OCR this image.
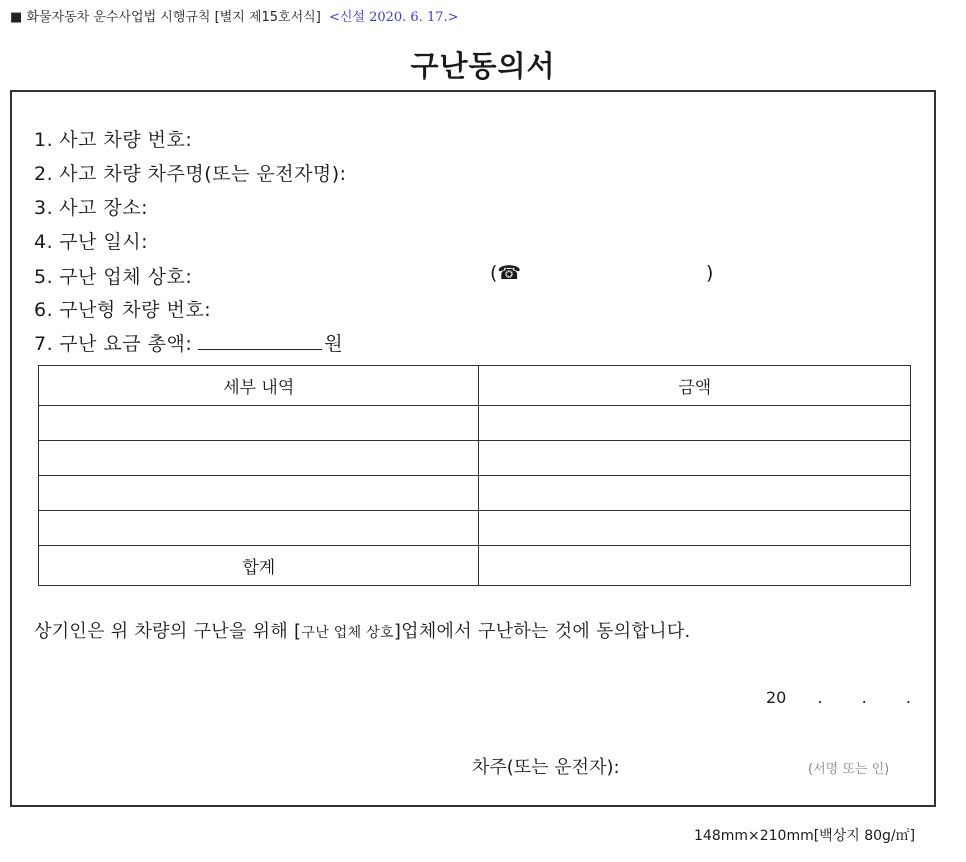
■ 화물자동차 운수사업법 시행규칙 [별지 제15호서식] <신설 2020. 6. 17.>
구난동의서
1. 사고 차량 번호:
2. 사고 차량 차주명(또는 운전자명):
3. 사고 장소:
4. 구난 일시:
5. 구난 업체 상호:	(☎	)
6. 구난형 차량 번호:
7. 구난 요금 총액:	원
세부 내역	금액

합계	
상기인은 위 차량의 구난을 위해 [구난 업체 상호]업체에서 구난하는 것에 동의합니다.
20 . . .
차주(또는 운전자):	(서명 또는 인)
148mm×210mm[백상지 80g/㎡]
